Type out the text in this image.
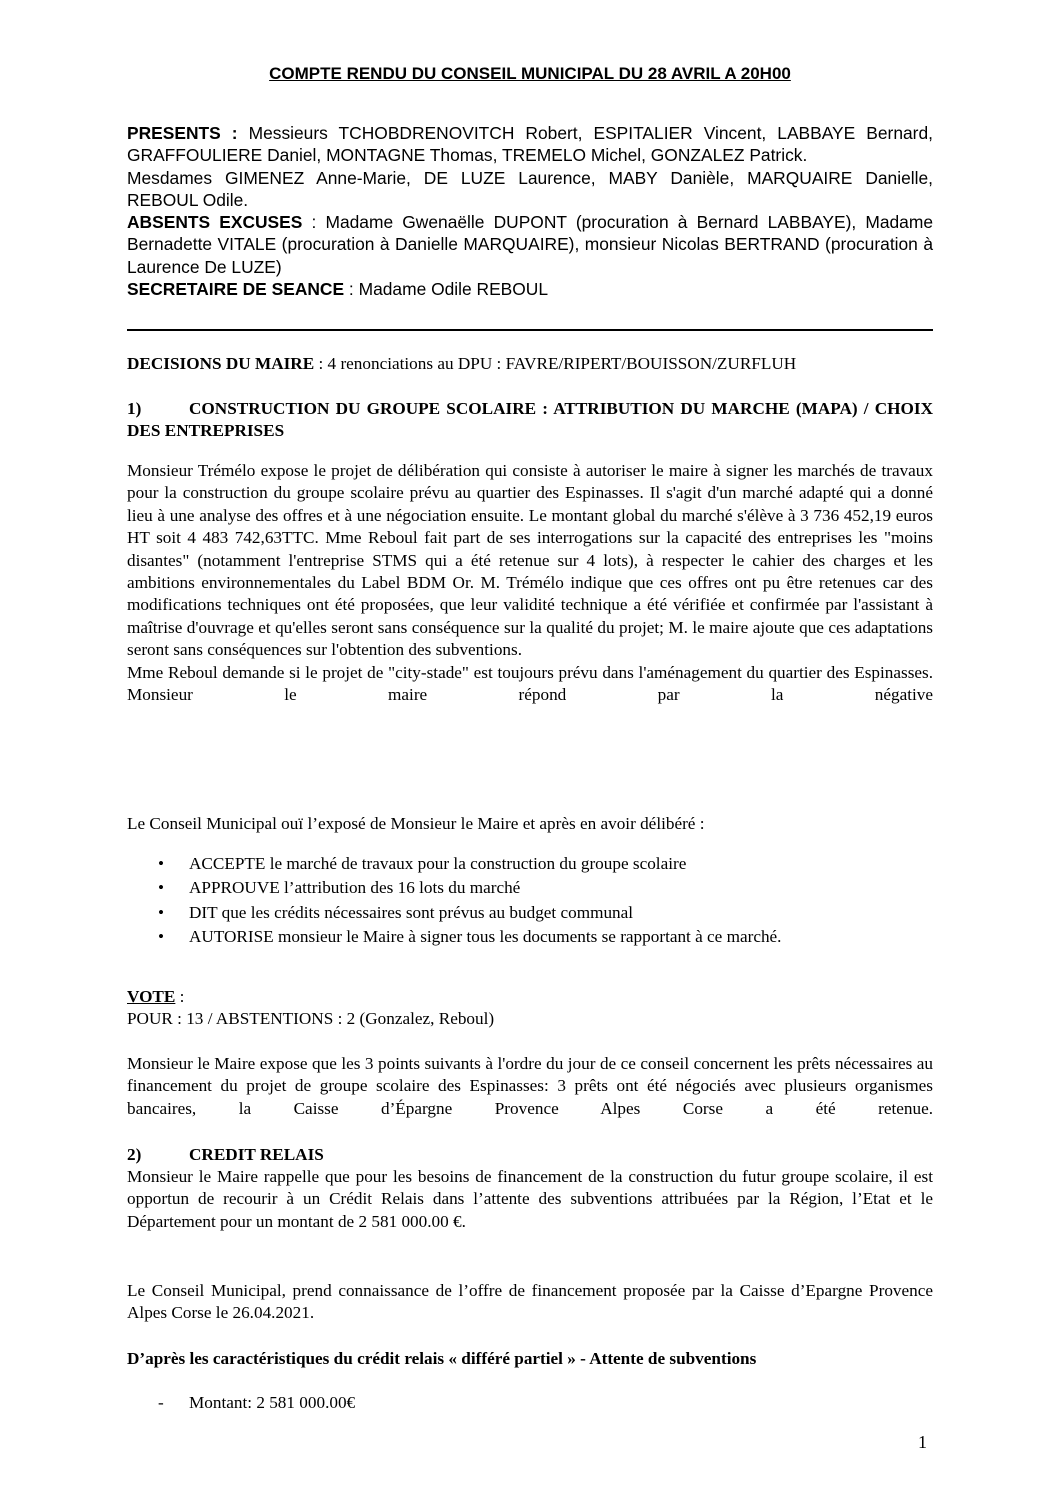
COMPTE RENDU DU CONSEIL MUNICIPAL DU 28 AVRIL A 20H00

PRESENTS : Messieurs TCHOBDRENOVITCH Robert, ESPITALIER Vincent, LABBAYE Bernard, GRAFFOULIERE Daniel, MONTAGNE Thomas, TREMELO Michel, GONZALEZ Patrick.

Mesdames GIMENEZ Anne-Marie, DE LUZE Laurence, MABY Danièle, MARQUAIRE Danielle, REBOUL Odile.

ABSENTS EXCUSES : Madame Gwenaëlle DUPONT (procuration à Bernard LABBAYE), Madame Bernadette VITALE (procuration à Danielle MARQUAIRE), monsieur Nicolas BERTRAND (procuration à Laurence De LUZE)

SECRETAIRE DE SEANCE : Madame Odile REBOUL

DECISIONS DU MAIRE : 4 renonciations au DPU : FAVRE/RIPERT/BOUISSON/ZURFLUH

1)	CONSTRUCTION DU GROUPE SCOLAIRE : ATTRIBUTION DU MARCHE (MAPA) / CHOIX DES ENTREPRISES

Monsieur Trémélo expose le projet de délibération qui consiste à autoriser le maire à signer les marchés de travaux pour la construction du groupe scolaire prévu au quartier des Espinasses. Il s'agit d'un marché adapté qui a donné lieu à une analyse des offres et à une négociation ensuite. Le montant global du marché s'élève à 3 736 452,19 euros HT soit 4 483 742,63TTC. Mme Reboul fait part de ses interrogations sur la capacité des entreprises les "moins disantes" (notamment l'entreprise STMS qui a été retenue sur 4 lots), à respecter le cahier des charges et les ambitions environnementales du Label BDM Or. M. Trémélo indique que ces offres ont pu être retenues car des modifications techniques ont été proposées, que leur validité technique a été vérifiée et confirmée par l'assistant à maîtrise d'ouvrage et qu'elles seront sans conséquence sur la qualité du projet; M. le maire ajoute que ces adaptations seront sans conséquences sur l'obtention des subventions.

Mme Reboul demande si le projet de "city-stade" est toujours prévu dans l'aménagement du quartier des Espinasses. Monsieur le maire répond par la négative

Le Conseil Municipal ouï l’exposé de Monsieur le Maire et après en avoir délibéré :

• ACCEPTE le marché de travaux pour la construction du groupe scolaire
• APPROUVE l’attribution des 16 lots du marché
• DIT que les crédits nécessaires sont prévus au budget communal
• AUTORISE monsieur le Maire à signer tous les documents se rapportant à ce marché.

VOTE :

POUR : 13 / ABSTENTIONS : 2 (Gonzalez, Reboul)

Monsieur le Maire expose que les 3 points suivants à l'ordre du jour de ce conseil concernent les prêts nécessaires au financement du projet de groupe scolaire des Espinasses: 3 prêts ont été négociés avec plusieurs organismes bancaires, la Caisse d’Épargne Provence Alpes Corse a été retenue.

2)	CREDIT RELAIS

Monsieur le Maire rappelle que pour les besoins de financement de la construction du futur groupe scolaire, il est opportun de recourir à un Crédit Relais dans l’attente des subventions attribuées par la Région, l’Etat et le Département pour un montant de 2 581 000.00 €.

Le Conseil Municipal, prend connaissance de l’offre de financement proposée par la Caisse d’Epargne Provence Alpes Corse le 26.04.2021.

D’après les caractéristiques du crédit relais « différé partiel » - Attente de subventions

- Montant: 2 581 000.00€
1
